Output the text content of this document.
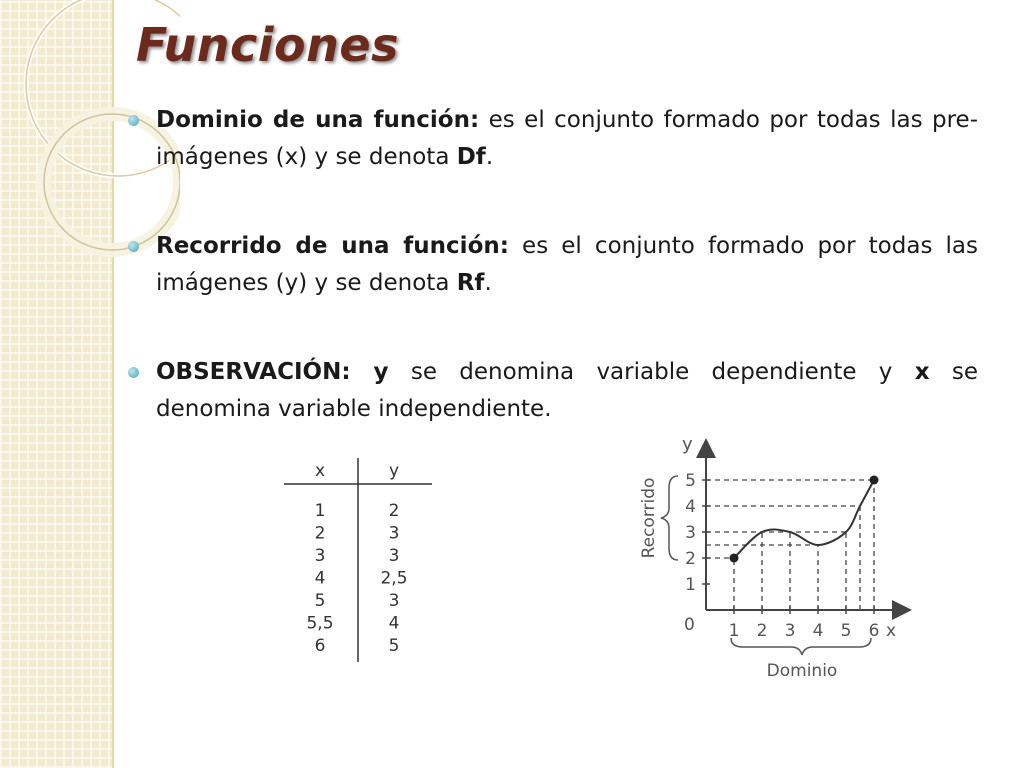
Funciones
Dominio de una función: es el conjunto formado por todas las pre-imágenes (x) y se denota Df.
Recorrido de una función: es el conjunto formado por todas las imágenes (y) y se denota Rf.
OBSERVACIÓN: y se denomina variable dependiente y x se denomina variable independiente.
x	y
1	2
2	3
3	3
4	2,5
5	3
5,5	4
6	5
x
y
0 1 2 3 4 5 6
1
2
3
4
5
Recorrido
Dominio
